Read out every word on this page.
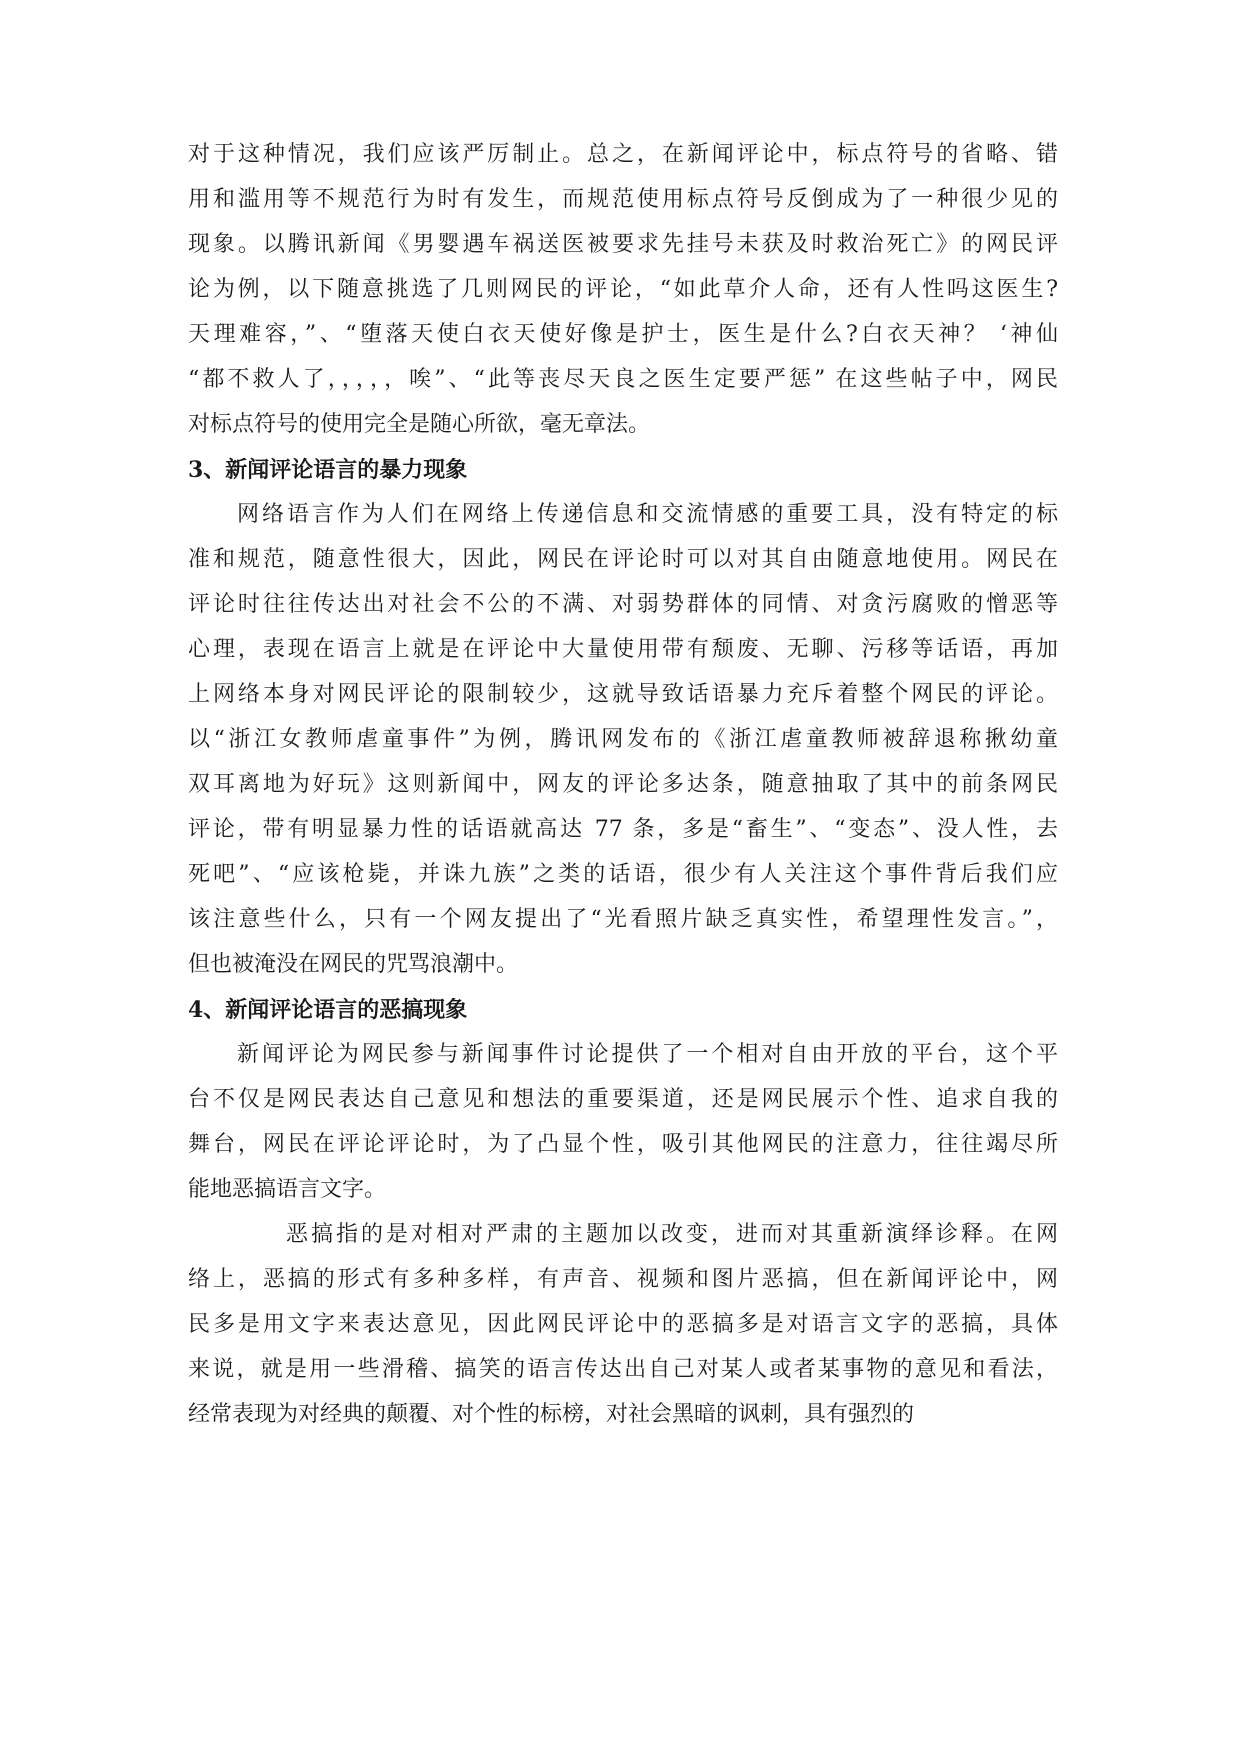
对于这种情况，我们应该严厉制止。总之，在新闻评论中，标点符号的省略、错
用和滥用等不规范行为时有发生，而规范使用标点符号反倒成为了一种很少见的
现象。以腾讯新闻《男婴遇车祸送医被要求先挂号未获及时救治死亡》的网民评
论为例，以下随意挑选了几则网民的评论，“如此草介人命，还有人性吗这医生?
天理难容，”、“堕落天使白衣天使好像是护士，医生是什么?白衣天神？ ‘神仙
“都不救人了，，，，，唉”、“此等丧尽天良之医生定要严惩” 在这些帖子中，网民
对标点符号的使用完全是随心所欲，毫无章法。
3、新闻评论语言的暴力现象
网络语言作为人们在网络上传递信息和交流情感的重要工具，没有特定的标
准和规范，随意性很大，因此，网民在评论时可以对其自由随意地使用。网民在
评论时往往传达出对社会不公的不满、对弱势群体的同情、对贪污腐败的憎恶等
心理，表现在语言上就是在评论中大量使用带有颓废、无聊、污移等话语，再加
上网络本身对网民评论的限制较少，这就导致话语暴力充斥着整个网民的评论。
以“浙江女教师虐童事件”为例，腾讯网发布的《浙江虐童教师被辞退称揪幼童
双耳离地为好玩》这则新闻中，网友的评论多达条，随意抽取了其中的前条网民
评论，带有明显暴力性的话语就高达 77 条，多是“畜生”、“变态”、没人性，去
死吧”、“应该枪毙，并诛九族”之类的话语，很少有人关注这个事件背后我们应
该注意些什么，只有一个网友提出了“光看照片缺乏真实性，希望理性发言。”，
但也被淹没在网民的咒骂浪潮中。
4、新闻评论语言的恶搞现象
新闻评论为网民参与新闻事件讨论提供了一个相对自由开放的平台，这个平
台不仅是网民表达自己意见和想法的重要渠道，还是网民展示个性、追求自我的
舞台，网民在评论评论时，为了凸显个性，吸引其他网民的注意力，往往竭尽所
能地恶搞语言文字。
恶搞指的是对相对严肃的主题加以改变，进而对其重新演绎诊释。在网
络上，恶搞的形式有多种多样，有声音、视频和图片恶搞，但在新闻评论中，网
民多是用文字来表达意见，因此网民评论中的恶搞多是对语言文字的恶搞，具体
来说，就是用一些滑稽、搞笑的语言传达出自己对某人或者某事物的意见和看法，
经常表现为对经典的颠覆、对个性的标榜，对社会黑暗的讽刺，具有强烈的
